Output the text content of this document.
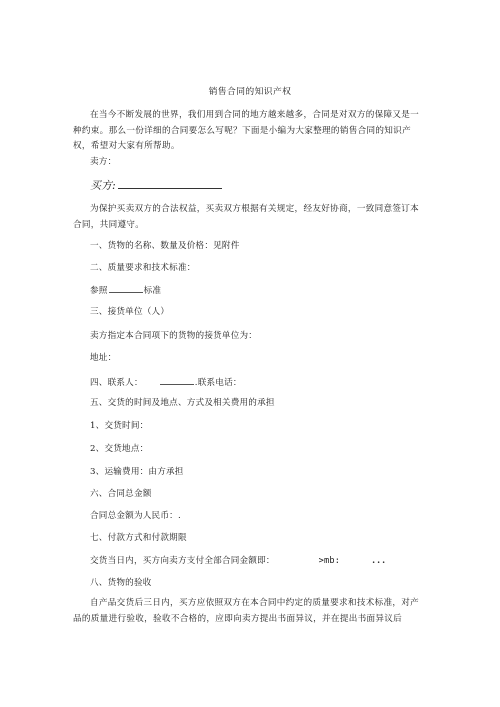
销售合同的知识产权
在当今不断发展的世界，我们用到合同的地方越来越多，合同是对双方的保障又是一种约束。那么一份详细的合同要怎么写呢？下面是小编为大家整理的销售合同的知识产权，希望对大家有所帮助。
卖方：
买方:
为保护买卖双方的合法权益，买卖双方根据有关规定，经友好协商，一致同意签订本合同，共同遵守。
一、货物的名称、数量及价格：见附件
二、质量要求和技术标准：
参照	标准
三、接货单位（人）
卖方指定本合同项下的货物的接货单位为：
地址：
四、联系人：	.联系电话：
五、交货的时间及地点、方式及相关费用的承担
1、交货时间：
2、交货地点：
3、运输费用：由方承担
六、合同总金额
合同总金额为人民币：.
七、付款方式和付款期限
交货当日内，买方向卖方支付全部合同金额即：	>mb:	...
八、货物的验收
自产品交货后三日内，买方应依照双方在本合同中约定的质量要求和技术标准，对产品的质量进行验收，验收不合格的，应即向卖方提出书面异议，并在提出书面异议后
